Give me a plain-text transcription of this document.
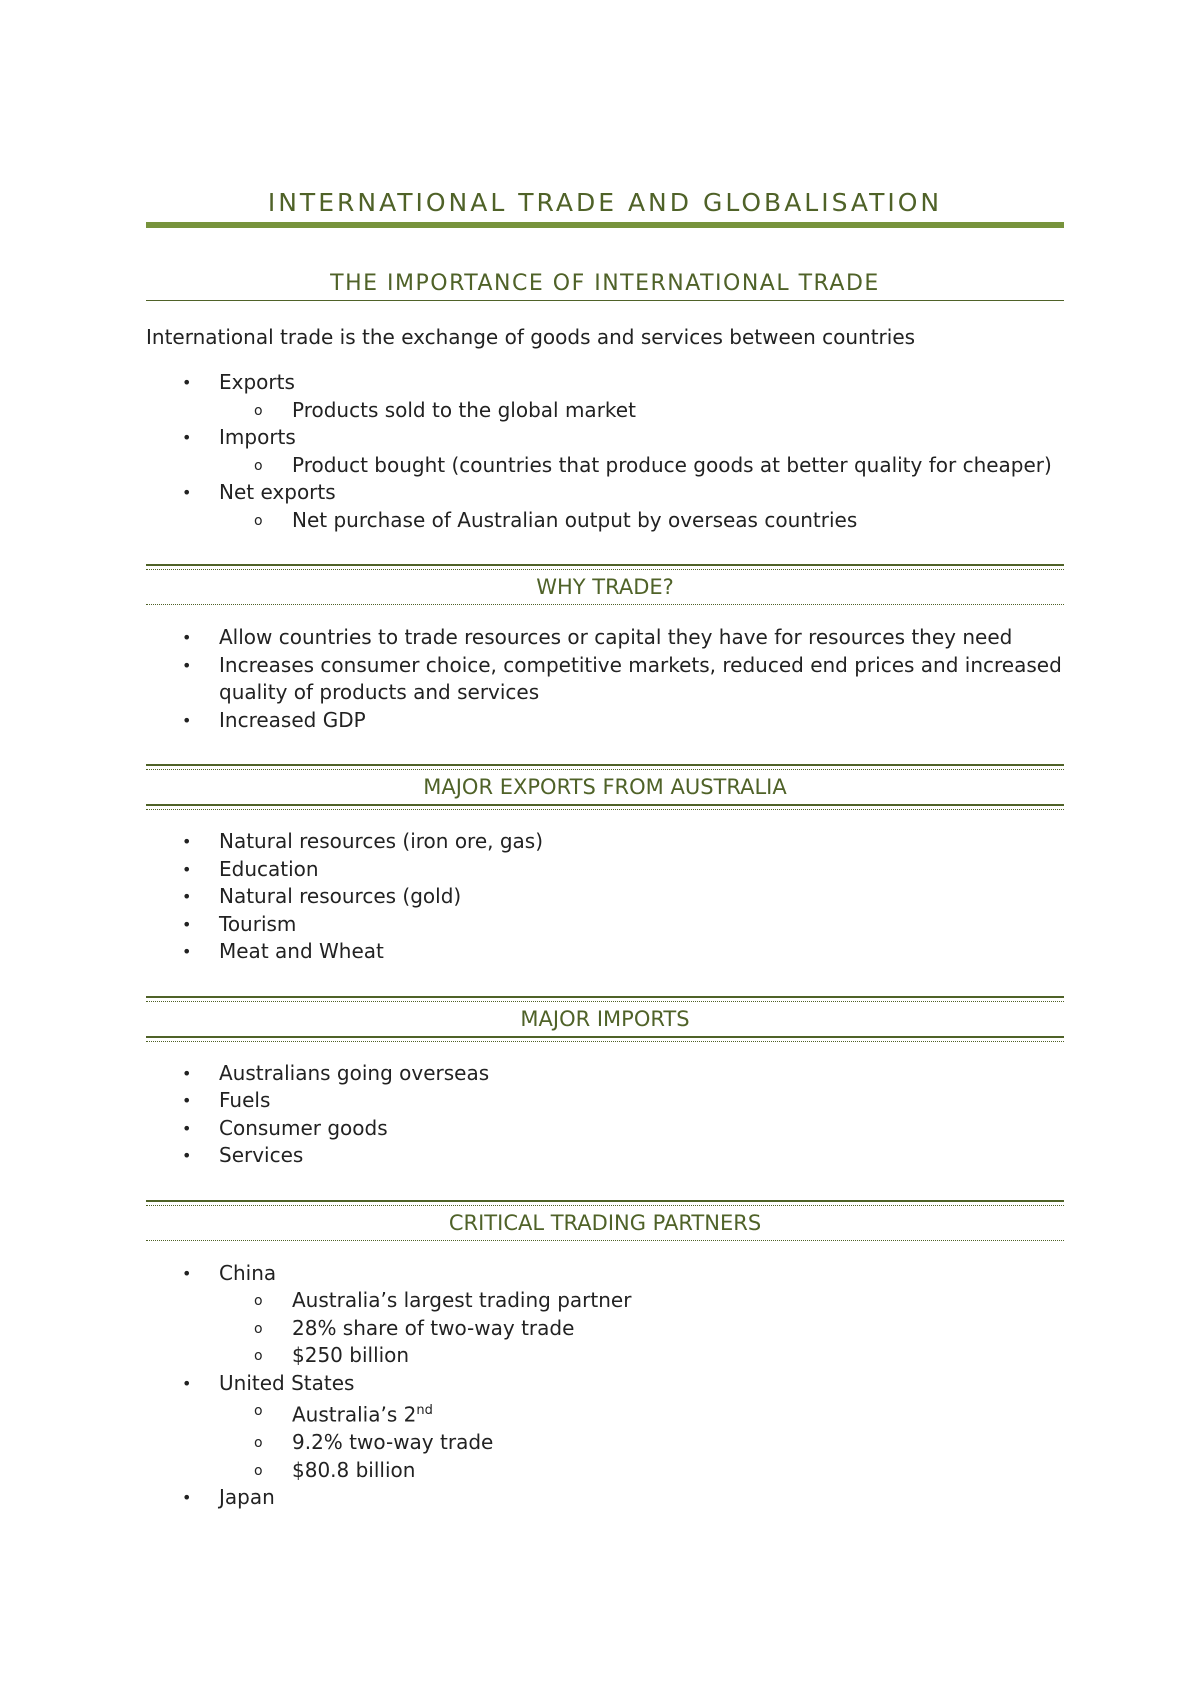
INTERNATIONAL TRADE AND GLOBALISATION
THE IMPORTANCE OF INTERNATIONAL TRADE
International trade is the exchange of goods and services between countries
• Exports
o Products sold to the global market
• Imports
o Product bought (countries that produce goods at better quality for cheaper)
• Net exports
o Net purchase of Australian output by overseas countries
WHY TRADE?
• Allow countries to trade resources or capital they have for resources they need
• Increases consumer choice, competitive markets, reduced end prices and increased quality of products and services
• Increased GDP
MAJOR EXPORTS FROM AUSTRALIA
• Natural resources (iron ore, gas)
• Education
• Natural resources (gold)
• Tourism
• Meat and Wheat
MAJOR IMPORTS
• Australians going overseas
• Fuels
• Consumer goods
• Services
CRITICAL TRADING PARTNERS
• China
o Australia’s largest trading partner
o 28% share of two-way trade
o $250 billion
• United States
o Australia’s 2nd
o 9.2% two-way trade
o $80.8 billion
• Japan
